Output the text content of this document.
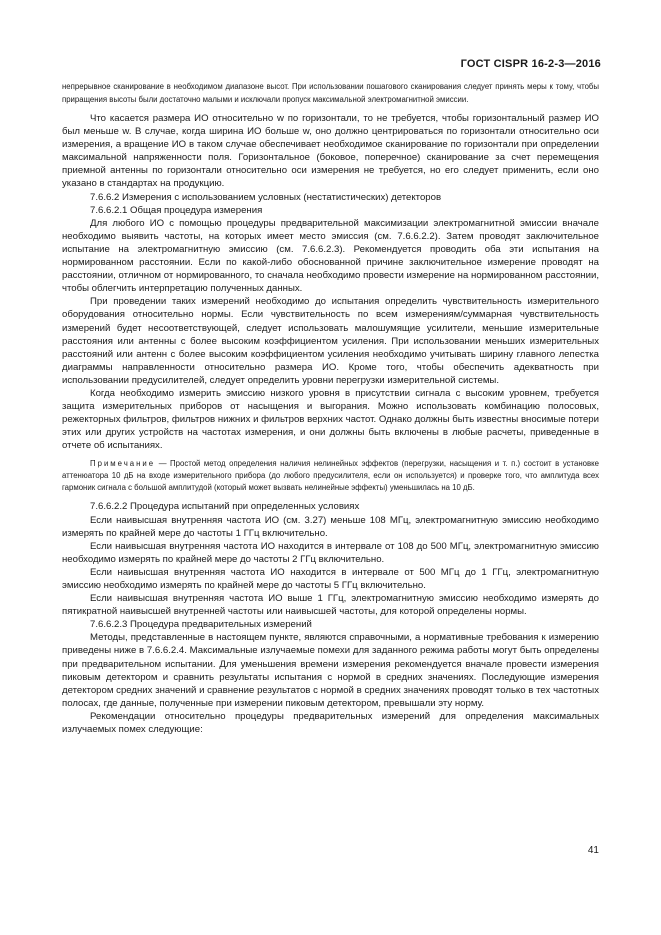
ГОСТ CISPR 16-2-3—2016

непрерывное сканирование в необходимом диапазоне высот. При использовании пошагового сканирования следует принять меры к тому, чтобы приращения высоты были достаточно малыми и исключали пропуск максимальной электромагнитной эмиссии.

Что касается размера ИО относительно w по горизонтали, то не требуется, чтобы горизонтальный размер ИО был меньше w. В случае, когда ширина ИО больше w, оно должно центрироваться по горизонтали относительно оси измерения, а вращение ИО в таком случае обеспечивает необходимое сканирование по горизонтали при определении максимальной напряженности поля. Горизонтальное (боковое, поперечное) сканирование за счет перемещения приемной антенны по горизонтали относительно оси измерения не требуется, но его следует применить, если оно указано в стандартах на продукцию.

7.6.6.2 Измерения с использованием условных (нестатистических) детекторов

7.6.6.2.1 Общая процедура измерения

Для любого ИО с помощью процедуры предварительной максимизации электромагнитной эмиссии вначале необходимо выявить частоты, на которых имеет место эмиссия (см. 7.6.6.2.2). Затем проводят заключительное испытание на электромагнитную эмиссию (см. 7.6.6.2.3). Рекомендуется проводить оба эти испытания на нормированном расстоянии. Если по какой-либо обоснованной причине заключительное измерение проводят на расстоянии, отличном от нормированного, то сначала необходимо провести измерение на нормированном расстоянии, чтобы облегчить интерпретацию полученных данных.

При проведении таких измерений необходимо до испытания определить чувствительность измерительного оборудования относительно нормы. Если чувствительность по всем измерениям/суммарная чувствительность измерений будет несоответствующей, следует использовать малошумящие усилители, меньшие измерительные расстояния или антенны с более высоким коэффициентом усиления. При использовании меньших измерительных расстояний или антенн с более высоким коэффициентом усиления необходимо учитывать ширину главного лепестка диаграммы направленности относительно размера ИО. Кроме того, чтобы обеспечить адекватность при использовании предусилителей, следует определить уровни перегрузки измерительной системы.

Когда необходимо измерить эмиссию низкого уровня в присутствии сигнала с высоким уровнем, требуется защита измерительных приборов от насыщения и выгорания. Можно использовать комбинацию полосовых, режекторных фильтров, фильтров нижних и фильтров верхних частот. Однако должны быть известны вносимые потери этих или других устройств на частотах измерения, и они должны быть включены в любые расчеты, приведенные в отчете об испытаниях.

Примечание — Простой метод определения наличия нелинейных эффектов (перегрузки, насыщения и т. п.) состоит в установке аттенюатора 10 дБ на входе измерительного прибора (до любого предусилителя, если он используется) и проверке того, что амплитуда всех гармоник сигнала с большой амплитудой (который может вызвать нелинейные эффекты) уменьшилась на 10 дБ.

7.6.6.2.2 Процедура испытаний при определенных условиях

Если наивысшая внутренняя частота ИО (см. 3.27) меньше 108 МГц, электромагнитную эмиссию необходимо измерять по крайней мере до частоты 1 ГГц включительно.

Если наивысшая внутренняя частота ИО находится в интервале от 108 до 500 МГц, электромагнитную эмиссию необходимо измерять по крайней мере до частоты 2 ГГц включительно.

Если наивысшая внутренняя частота ИО находится в интервале от 500 МГц до 1 ГГц, электромагнитную эмиссию необходимо измерять по крайней мере до частоты 5 ГГц включительно.

Если наивысшая внутренняя частота ИО выше 1 ГГц, электромагнитную эмиссию необходимо измерять до пятикратной наивысшей внутренней частоты или наивысшей частоты, для которой определены нормы.

7.6.6.2.3 Процедура предварительных измерений

Методы, представленные в настоящем пункте, являются справочными, а нормативные требования к измерению приведены ниже в 7.6.6.2.4. Максимальные излучаемые помехи для заданного режима работы могут быть определены при предварительном испытании. Для уменьшения времени измерения рекомендуется вначале провести измерения пиковым детектором и сравнить результаты испытания с нормой в средних значениях. Последующие измерения детектором средних значений и сравнение результатов с нормой в средних значениях проводят только в тех частотных полосах, где данные, полученные при измерении пиковым детектором, превышали эту норму.

Рекомендации относительно процедуры предварительных измерений для определения максимальных излучаемых помех следующие:

41
